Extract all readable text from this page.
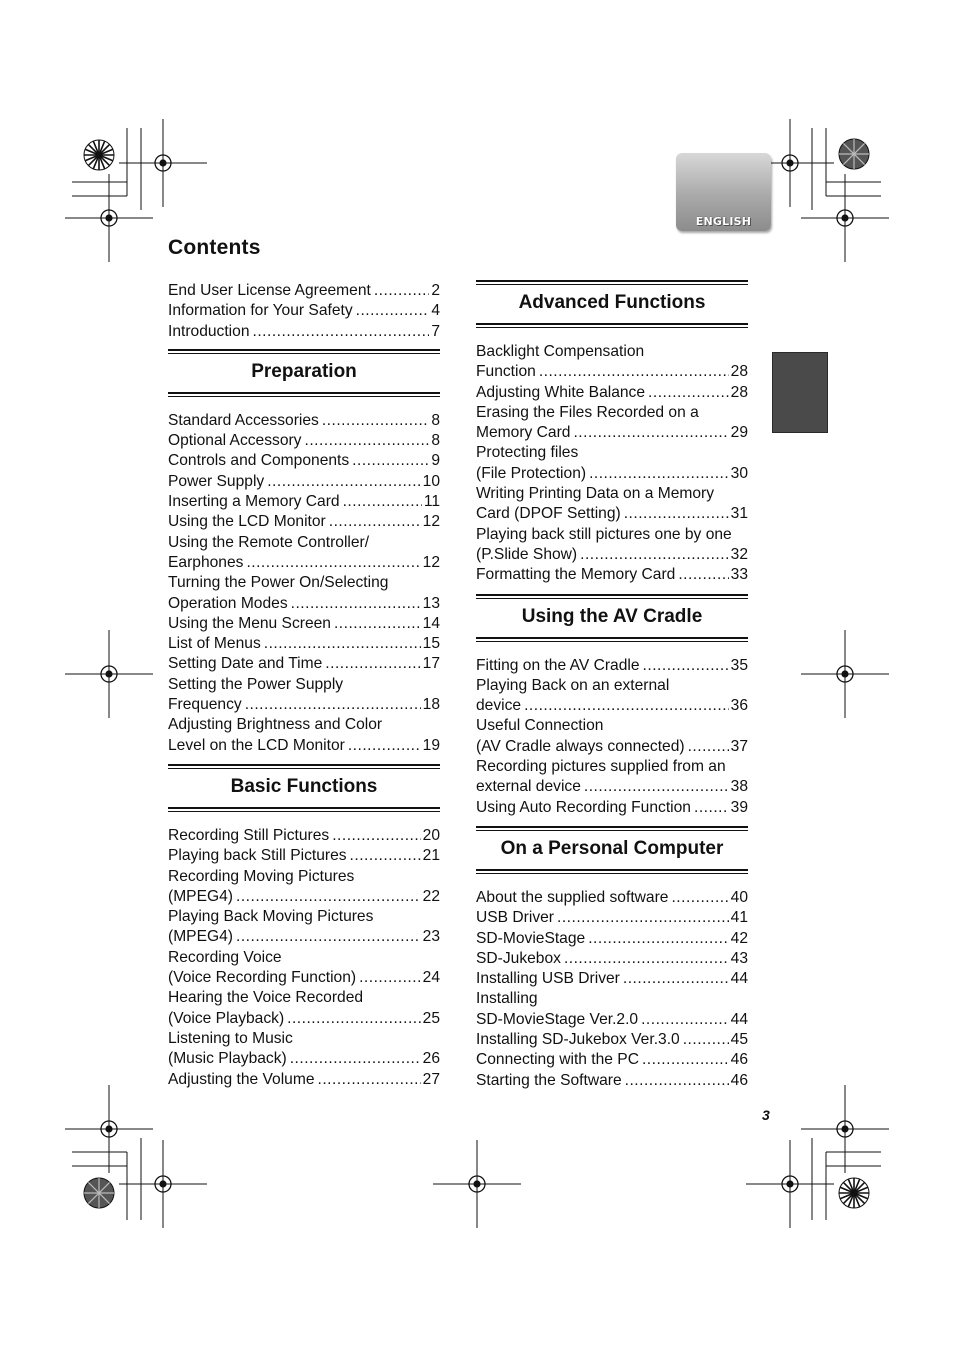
ENGLISH
Contents
End User License Agreement .....	2
Information for Your Safety .....	4
Introduction .....	7
Preparation
Standard Accessories .....	8
Optional Accessory .....	8
Controls and Components .....	9
Power Supply .....	10
Inserting a Memory Card .....	11
Using the LCD Monitor .....	12
Using the Remote Controller/
Earphones .....	12
Turning the Power On/Selecting
Operation Modes .....	13
Using the Menu Screen .....	14
List of Menus .....	15
Setting Date and Time .....	17
Setting the Power Supply
Frequency .....	18
Adjusting Brightness and Color
Level on the LCD Monitor .....	19
Basic Functions
Recording Still Pictures .....	20
Playing back Still Pictures .....	21
Recording Moving Pictures
(MPEG4) .....	22
Playing Back Moving Pictures
(MPEG4) .....	23
Recording Voice
(Voice Recording Function) .....	24
Hearing the Voice Recorded
(Voice Playback) .....	25
Listening to Music
(Music Playback) .....	26
Adjusting the Volume .....	27
Advanced Functions
Backlight Compensation
Function .....	28
Adjusting White Balance .....	28
Erasing the Files Recorded on a
Memory Card .....	29
Protecting files
(File Protection) .....	30
Writing Printing Data on a Memory
Card (DPOF Setting) .....	31
Playing back still pictures one by one
(P.Slide Show) .....	32
Formatting the Memory Card .....	33
Using the AV Cradle
Fitting on the AV Cradle .....	35
Playing Back on an external
device .....	36
Useful Connection
(AV Cradle always connected) .....	37
Recording pictures supplied from an
external device .....	38
Using Auto Recording Function .....	39
On a Personal Computer
About the supplied software .....	40
USB Driver .....	41
SD-MovieStage .....	42
SD-Jukebox .....	43
Installing USB Driver .....	44
Installing
SD-MovieStage Ver.2.0 .....	44
Installing SD-Jukebox Ver.3.0 .....	45
Connecting with the PC .....	46
Starting the Software .....	46
3
